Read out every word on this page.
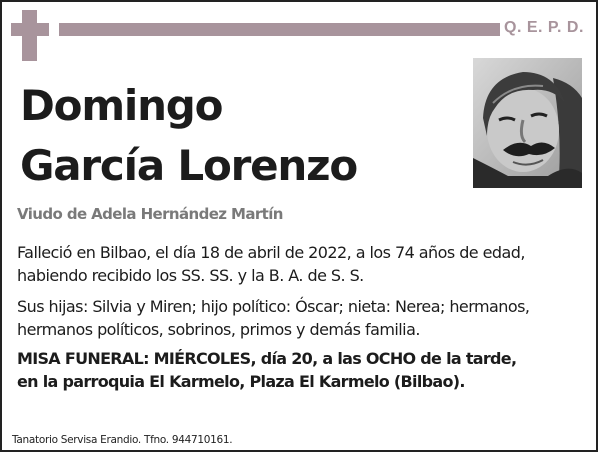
Q. E. P. D.
Domingo
García Lorenzo
Viudo de Adela Hernández Martín
Falleció en Bilbao, el día 18 de abril de 2022, a los 74 años de edad,
habiendo recibido los SS. SS. y la B. A. de S. S.
Sus hijas: Silvia y Miren; hijo político: Óscar; nieta: Nerea; hermanos,
hermanos políticos, sobrinos, primos y demás familia.
MISA FUNERAL: MIÉRCOLES, día 20, a las OCHO de la tarde,
en la parroquia El Karmelo, Plaza El Karmelo (Bilbao).
Tanatorio Servisa Erandio. Tfno. 944710161.
